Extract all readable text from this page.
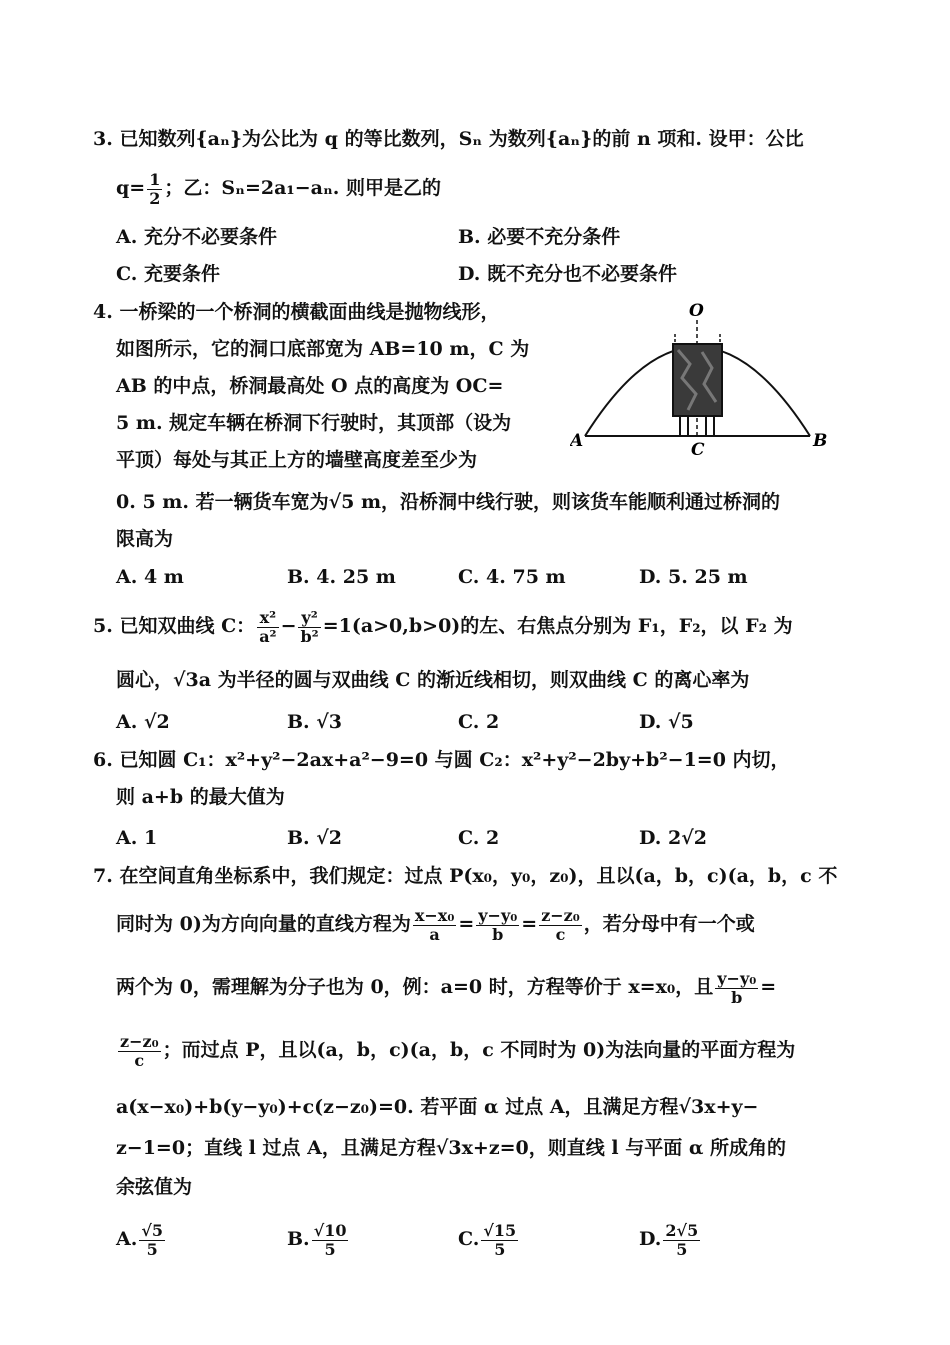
3. 已知数列{aₙ}为公比为 q 的等比数列，Sₙ 为数列{aₙ}的前 n 项和. 设甲：公比
$q= \frac{1}{2}$ ；乙：Sₙ=2a₁−aₙ. 则甲是乙的
A. 充分不必要条件	B. 必要不充分条件
C. 充要条件	D. 既不充分也不必要条件
4. 一桥梁的一个桥洞的横截面曲线是抛物线形，
如图所示，它的洞口底部宽为 AB=10 m，C 为
AB 的中点，桥洞最高处 O 点的高度为 OC=
5 m. 规定车辆在桥洞下行驶时，其顶部（设为
平顶）每处与其正上方的墙壁高度差至少为
0. 5 m. 若一辆货车宽为√5 m，沿桥洞中线行驶，则该货车能顺利通过桥洞的
限高为
O
A	B
C
A. 4 m	B. 4. 25 m	C. 4. 75 m	D. 5. 25 m
5. 已知双曲线 C： $\frac{\text{x²}}{\text{a²}} - \frac{\text{y²}}{\text{b²}} =1(a>0,b>0)$的左、右焦点分别为 F₁，F₂，以 F₂ 为
圆心，√3a 为半径的圆与双曲线 C 的渐近线相切，则双曲线 C 的离心率为
A. √2	B. √3	C. 2	D. √5
6. 已知圆 C₁：x²+y²−2ax+a²−9=0 与圆 C₂：x²+y²−2by+b²−1=0 内切，
则 a+b 的最大值为
A. 1	B. √2	C. 2	D. 2√2
7. 在空间直角坐标系中，我们规定：过点 P(x₀，y₀，z₀)，且以(a，b，c)(a，b，c 不
同时为 0)为方向向量的直线方程为 $\frac{\text{x−x₀}}{a} = \frac{\text{y−y₀}}{b} = \frac{\text{z−z₀}}{c}$ ，若分母中有一个或
两个为 0，需理解为分子也为 0，例：a=0 时，方程等价于 x=x₀，且 $\frac{\text{y−y₀}}{b}$ =
$\frac{\text{z−z₀}}{c}$ ；而过点 P，且以(a，b，c)(a，b，c 不同时为 0)为法向量的平面方程为
a(x−x₀)+b(y−y₀)+c(z−z₀)=0. 若平面 α 过点 A，且满足方程√3x+y−
z−1=0；直线 l 过点 A，且满足方程√3x+z=0，则直线 l 与平面 α 所成角的
余弦值为
A. $\frac{√5}{5}$	B. $\frac{√10}{5}$	C. $\frac{√15}{5}$	D. $\frac{2√5}{5}$
